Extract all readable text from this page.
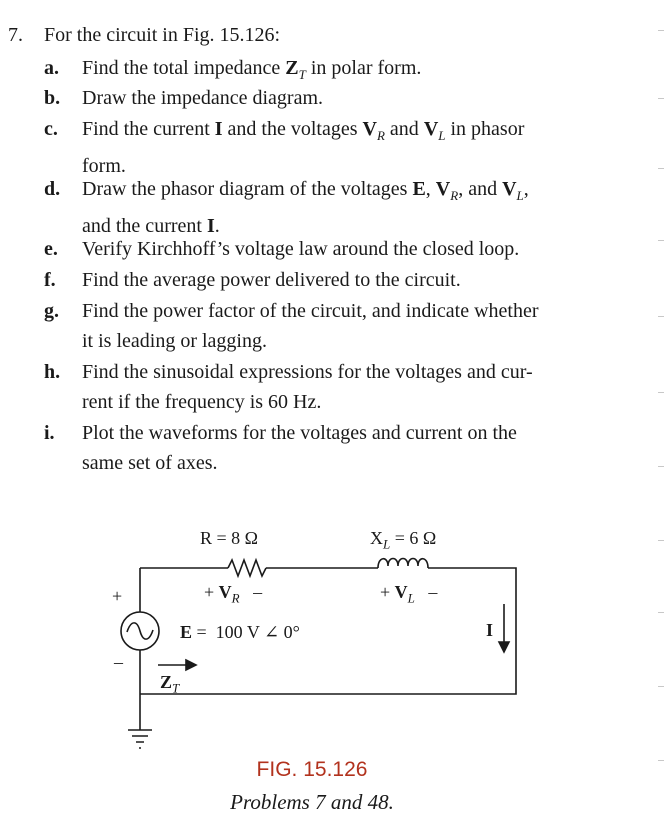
7. For the circuit in Fig. 15.126:
a. Find the total impedance $Z_T$ in polar form.
b. Draw the impedance diagram.
c. Find the current I and the voltages $V_R$ and $V_L$ in phasor
form.
d. Draw the phasor diagram of the voltages E, $V_R$, and $V_L$,
and the current I.
e. Verify Kirchhoff’s voltage law around the closed loop.
f. Find the average power delivered to the circuit.
g. Find the power factor of the circuit, and indicate whether
it is leading or lagging.
h. Find the sinusoidal expressions for the voltages and cur-
rent if the frequency is 60 Hz.
i. Plot the waveforms for the voltages and current on the
same set of axes.
R = 8 Ω	$X_L = 6$ Ω
+ $V_R$   –	+ $V_L$   –
+
–
E =  100 V ∠ 0°	I
$Z_T$
FIG. 15.126
Problems 7 and 48.
